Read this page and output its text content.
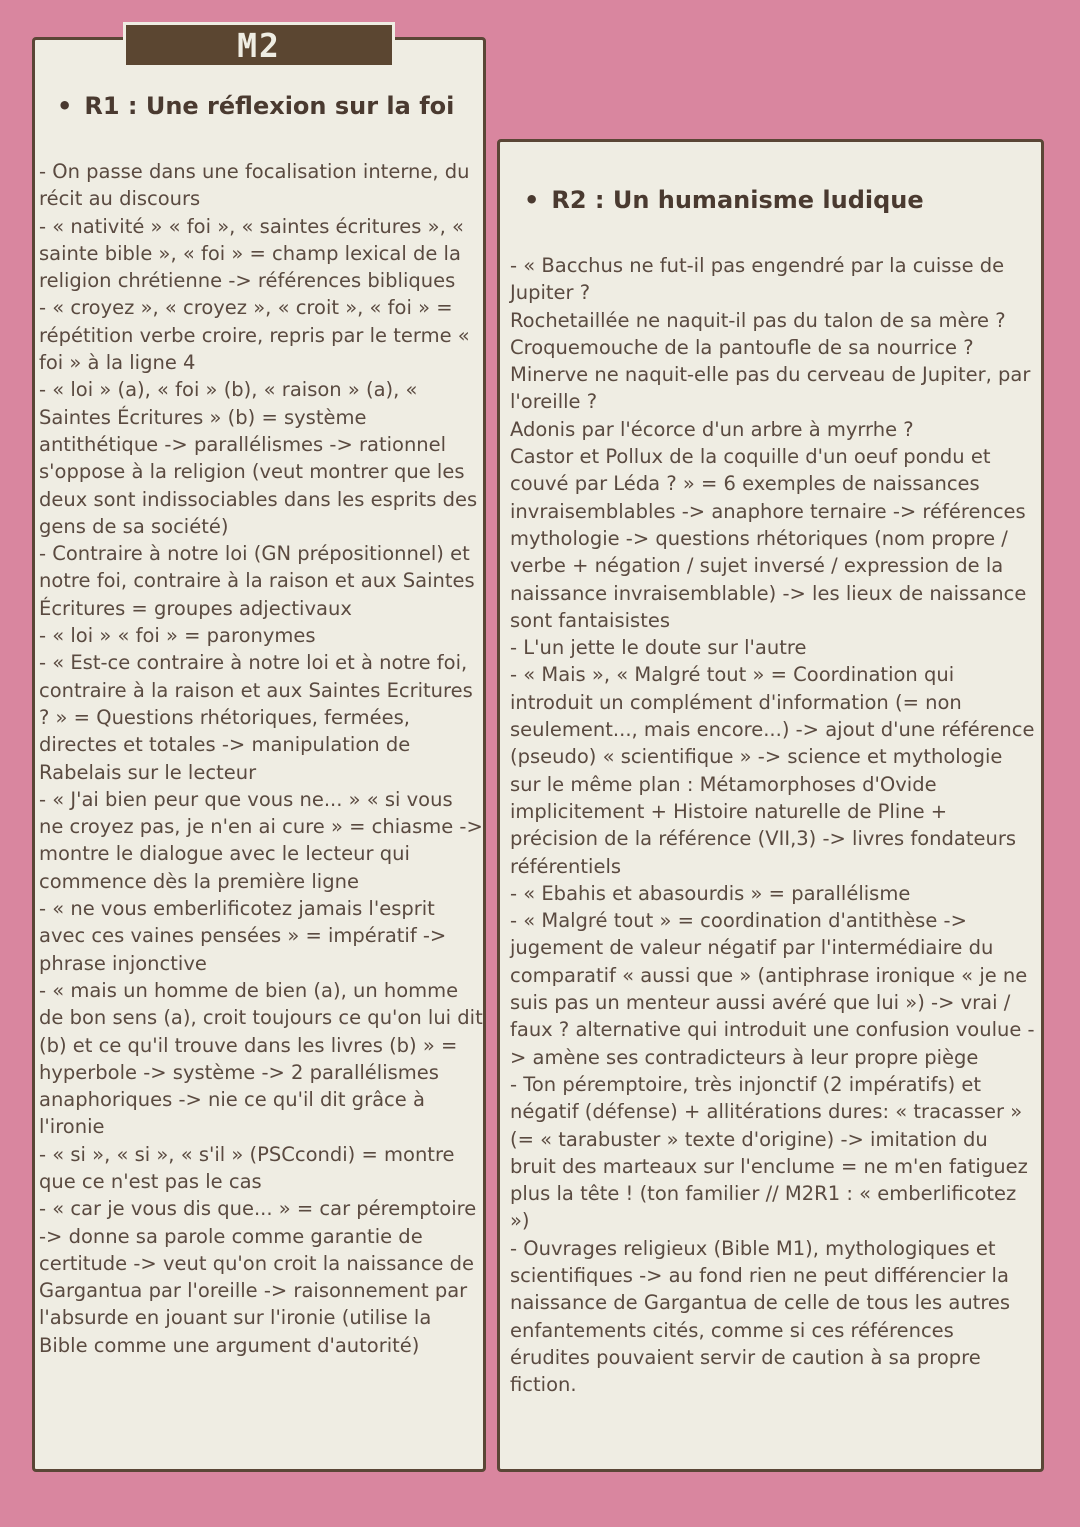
• R1 : Une réflexion sur la foi

- On passe dans une focalisation interne, du récit au discours

- « nativité » « foi », « saintes écritures », « sainte bible », « foi » = champ lexical de la religion chrétienne -> références bibliques

- « croyez », « croyez », « croit », « foi » = répétition verbe croire, repris par le terme « foi » à la ligne 4

- « loi » (a), « foi » (b), « raison » (a), « Saintes Écritures » (b) = système antithétique -> parallélismes -> rationnel s'oppose à la religion (veut montrer que les deux sont indissociables dans les esprits des gens de sa société)

- Contraire à notre loi (GN prépositionnel) et notre foi, contraire à la raison et aux Saintes Écritures = groupes adjectivaux

- « loi » « foi » = paronymes

- « Est-ce contraire à notre loi et à notre foi, contraire à la raison et aux Saintes Ecritures ? » = Questions rhétoriques, fermées, directes et totales -> manipulation de Rabelais sur le lecteur

- « J'ai bien peur que vous ne... » « si vous ne croyez pas, je n'en ai cure » = chiasme -> montre le dialogue avec le lecteur qui commence dès la première ligne

- « ne vous emberlificotez jamais l'esprit avec ces vaines pensées » = impératif -> phrase injonctive

- « mais un homme de bien (a), un homme de bon sens (a), croit toujours ce qu'on lui dit (b) et ce qu'il trouve dans les livres (b) » = hyperbole -> système -> 2 parallélismes anaphoriques -> nie ce qu'il dit grâce à l'ironie

- « si », « si », « s'il » (PSCcondi) = montre que ce n'est pas le cas

- « car je vous dis que... » = car péremptoire -> donne sa parole comme garantie de certitude -> veut qu'on croit la naissance de Gargantua par l'oreille -> raisonnement par l'absurde en jouant sur l'ironie (utilise la Bible comme une argument d'autorité)

• R2 : Un humanisme ludique

- « Bacchus ne fut-il pas engendré par la cuisse de Jupiter ?

Rochetaillée ne naquit-il pas du talon de sa mère ?

Croquemouche de la pantoufle de sa nourrice ?

Minerve ne naquit-elle pas du cerveau de Jupiter, par l'oreille ?

Adonis par l'écorce d'un arbre à myrrhe ?

Castor et Pollux de la coquille d'un oeuf pondu et couvé par Léda ? » = 6 exemples de naissances invraisemblables -> anaphore ternaire -> références mythologie -> questions rhétoriques (nom propre / verbe + négation / sujet inversé / expression de la naissance invraisemblable) -> les lieux de naissance sont fantaisistes

- L'un jette le doute sur l'autre

- « Mais », « Malgré tout » = Coordination qui introduit un complément d'information (= non seulement..., mais encore...) -> ajout d'une référence (pseudo) « scientifique » -> science et mythologie sur le même plan : Métamorphoses d'Ovide implicitement + Histoire naturelle de Pline + précision de la référence (VII,3) -> livres fondateurs référentiels

- « Ebahis et abasourdis » = parallélisme

- « Malgré tout » = coordination d'antithèse -> jugement de valeur négatif par l'intermédiaire du comparatif « aussi que » (antiphrase ironique « je ne suis pas un menteur aussi avéré que lui ») -> vrai / faux ? alternative qui introduit une confusion voulue -> amène ses contradicteurs à leur propre piège

- Ton péremptoire, très injonctif (2 impératifs) et négatif (défense) + allitérations dures: « tracasser » (= « tarabuster » texte d'origine) -> imitation du bruit des marteaux sur l'enclume = ne m'en fatiguez plus la tête ! (ton familier // M2R1 : « emberlificotez »)

- Ouvrages religieux (Bible M1), mythologiques et scientifiques -> au fond rien ne peut différencier la naissance de Gargantua de celle de tous les autres enfantements cités, comme si ces références érudites pouvaient servir de caution à sa propre fiction.

M2
